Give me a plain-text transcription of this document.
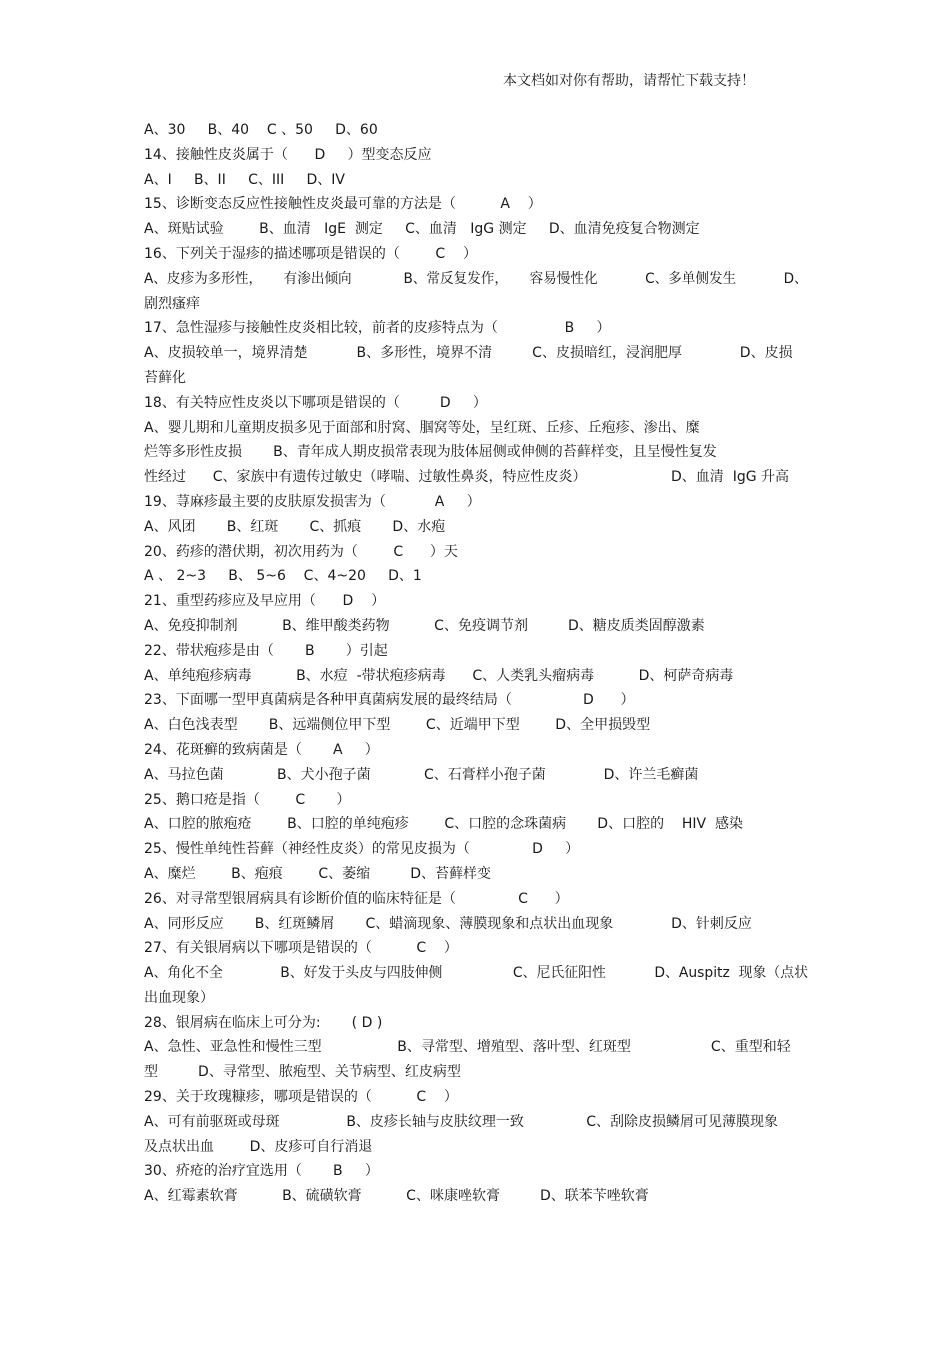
本文档如对你有帮助，请帮忙下载支持！
A、30     B、40    C 、50     D、60
14、接触性皮炎属于（      D     ）型变态反应
A、I     B、II     C、III     D、IV
15、诊断变态反应性接触性皮炎最可靠的方法是（          A    ）
A、斑贴试验        B、血清   IgE  测定     C、血清   IgG 测定     D、血清免疫复合物测定
16、下列关于湿疹的描述哪项是错误的（        C    ）
A、皮疹为多形性，     有渗出倾向            B、常反复发作，     容易慢性化           C、多单侧发生           D、
剧烈瘙痒
17、急性湿疹与接触性皮炎相比较，前者的皮疹特点为（               B     ）
A、皮损较单一，境界清楚           B、多形性，境界不清         C、皮损暗红，浸润肥厚             D、皮损
苔藓化
18、有关特应性皮炎以下哪项是错误的（         D     ）
A、婴儿期和儿童期皮损多见于面部和肘窝、腘窝等处，呈红斑、丘疹、丘疱疹、渗出、糜
烂等多形性皮损       B、青年成人期皮损常表现为肢体屈侧或伸侧的苔藓样变，且呈慢性复发
性经过      C、家族中有遗传过敏史（哮喘、过敏性鼻炎，特应性皮炎）                   D、血清  IgG 升高
19、荨麻疹最主要的皮肤原发损害为（           A     ）
A、风团       B、红斑       C、抓痕       D、水疱
20、药疹的潜伏期，初次用药为（        C      ）天
A 、 2~3     B、 5~6    C、4~20     D、1
21、重型药疹应及早应用（      D    ）
A、免疫抑制剂          B、维甲酸类药物          C、免疫调节剂         D、糖皮质类固醇激素
22、带状疱疹是由（       B       ）引起
A、单纯疱疹病毒          B、水痘  -带状疱疹病毒      C、人类乳头瘤病毒          D、柯萨奇病毒
23、下面哪一型甲真菌病是各种甲真菌病发展的最终结局（                D      ）
A、白色浅表型       B、远端侧位甲下型        C、近端甲下型        D、全甲损毁型
24、花斑癣的致病菌是（       A     ）
A、马拉色菌            B、犬小孢子菌            C、石膏样小孢子菌             D、许兰毛癣菌
25、鹅口疮是指（        C       ）
A、口腔的脓疱疮        B、口腔的单纯疱疹        C、口腔的念珠菌病       D、口腔的    HIV  感染
25、慢性单纯性苔藓（神经性皮炎）的常见皮损为（              D     ）
A、糜烂        B、疱痕        C、萎缩         D、苔藓样变
26、对寻常型银屑病具有诊断价值的临床特征是（              C      ）
A、同形反应       B、红斑鳞屑       C、蜡滴现象、薄膜现象和点状出血现象             D、针刺反应
27、有关银屑病以下哪项是错误的（          C    ）
A、角化不全             B、好发于头皮与四肢伸侧                C、尼氏征阳性           D、Auspitz  现象（点状
出血现象）
28、银屑病在临床上可分为:       ( D )
A、急性、亚急性和慢性三型                 B、寻常型、增殖型、落叶型、红斑型                  C、重型和轻
型         D、寻常型、脓疱型、关节病型、红皮病型
29、关于玫瑰糠疹，哪项是错误的（          C    ）
A、可有前驱斑或母斑               B、皮疹长轴与皮肤纹理一致              C、刮除皮损鳞屑可见薄膜现象
及点状出血        D、皮疹可自行消退
30、疥疮的治疗宜选用（       B     ）
A、红霉素软膏          B、硫磺软膏          C、咪康唑软膏         D、联苯苄唑软膏
